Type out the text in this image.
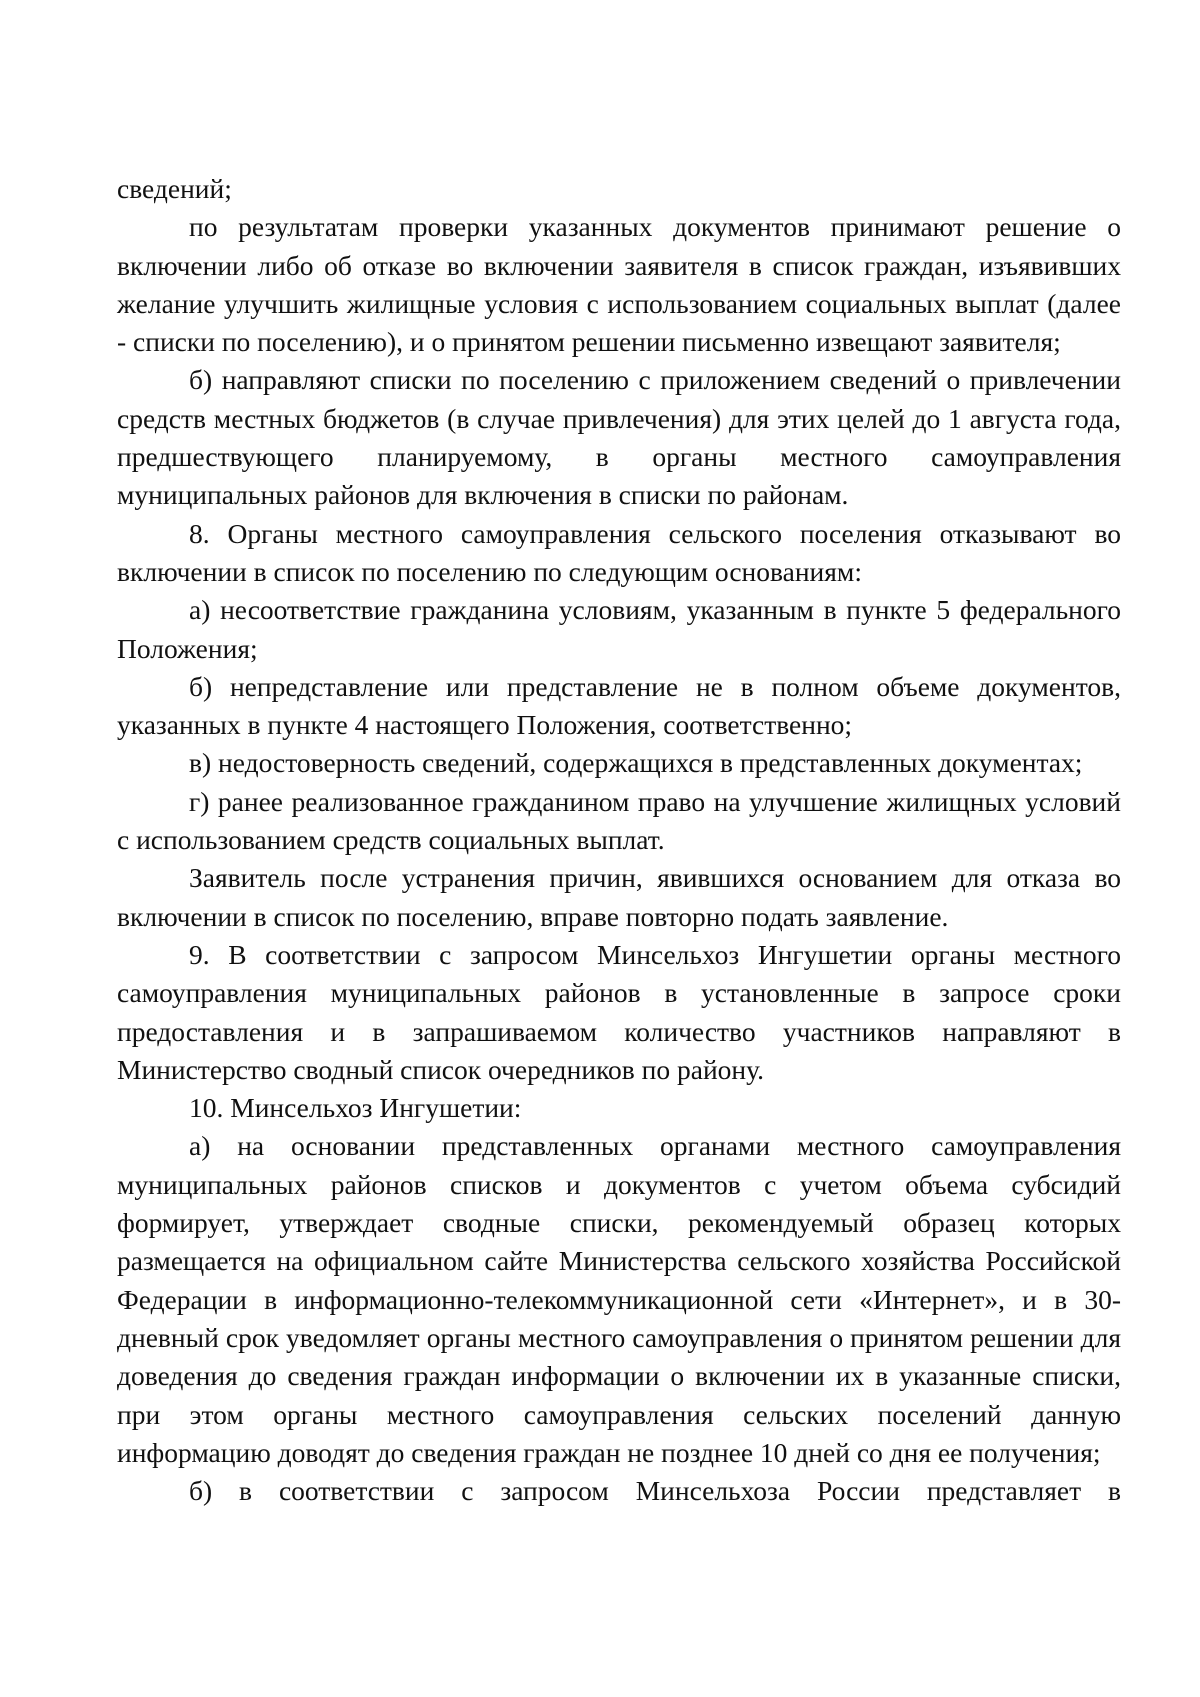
сведений;

по результатам проверки указанных документов принимают решение о включении либо об отказе во включении заявителя в список граждан, изъявивших желание улучшить жилищные условия с использованием социальных выплат (далее - списки по поселению), и о принятом решении письменно извещают заявителя;

б) направляют списки по поселению с приложением сведений о привлечении средств местных бюджетов (в случае привлечения) для этих целей до 1 августа года, предшествующего планируемому, в органы местного самоуправления муниципальных районов для включения в списки по районам.

8. Органы местного самоуправления сельского поселения отказывают во включении в список по поселению по следующим основаниям:

а) несоответствие гражданина условиям, указанным в пункте 5 федерального Положения;

б) непредставление или представление не в полном объеме документов, указанных в пункте 4 настоящего Положения, соответственно;

в) недостоверность сведений, содержащихся в представленных документах;

г) ранее реализованное гражданином право на улучшение жилищных условий с использованием средств социальных выплат.

Заявитель после устранения причин, явившихся основанием для отказа во включении в список по поселению, вправе повторно подать заявление.

9. В соответствии с запросом Минсельхоз Ингушетии органы местного самоуправления муниципальных районов в установленные в запросе сроки предоставления и в запрашиваемом количество участников направляют в Министерство сводный список очередников по району.

10. Минсельхоз Ингушетии:

а) на основании представленных органами местного самоуправления муниципальных районов списков и документов с учетом объема субсидий формирует, утверждает сводные списки, рекомендуемый образец которых размещается на официальном сайте Министерства сельского хозяйства Российской Федерации в информационно-телекоммуникационной сети «Интернет», и в 30-дневный срок уведомляет органы местного самоуправления о принятом решении для доведения до сведения граждан информации о включении их в указанные списки, при этом органы местного самоуправления сельских поселений данную информацию доводят до сведения граждан не позднее 10 дней со дня ее получения;

б) в соответствии с запросом Минсельхоза России представляет в
